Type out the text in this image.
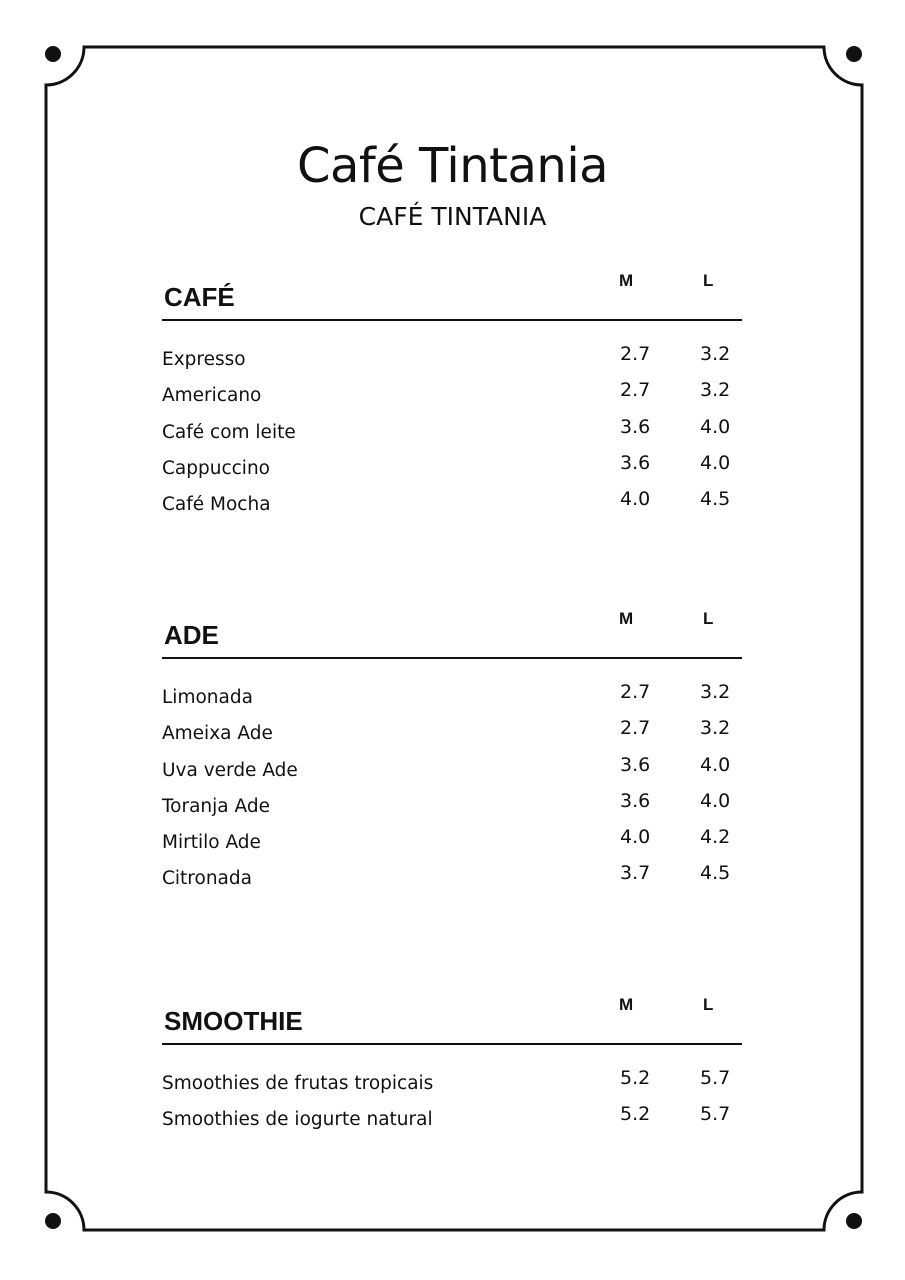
Café Tintania
CAFÉ TINTANIA
CAFÉ
M	L
Expresso	2.7	3.2
Americano	2.7	3.2
Café com leite	3.6	4.0
Cappuccino	3.6	4.0
Café Mocha	4.0	4.5
ADE
M	L
Limonada	2.7	3.2
Ameixa Ade	2.7	3.2
Uva verde Ade	3.6	4.0
Toranja Ade	3.6	4.0
Mirtilo Ade	4.0	4.2
Citronada	3.7	4.5
SMOOTHIE
M	L
Smoothies de frutas tropicais	5.2	5.7
Smoothies de iogurte natural	5.2	5.7
